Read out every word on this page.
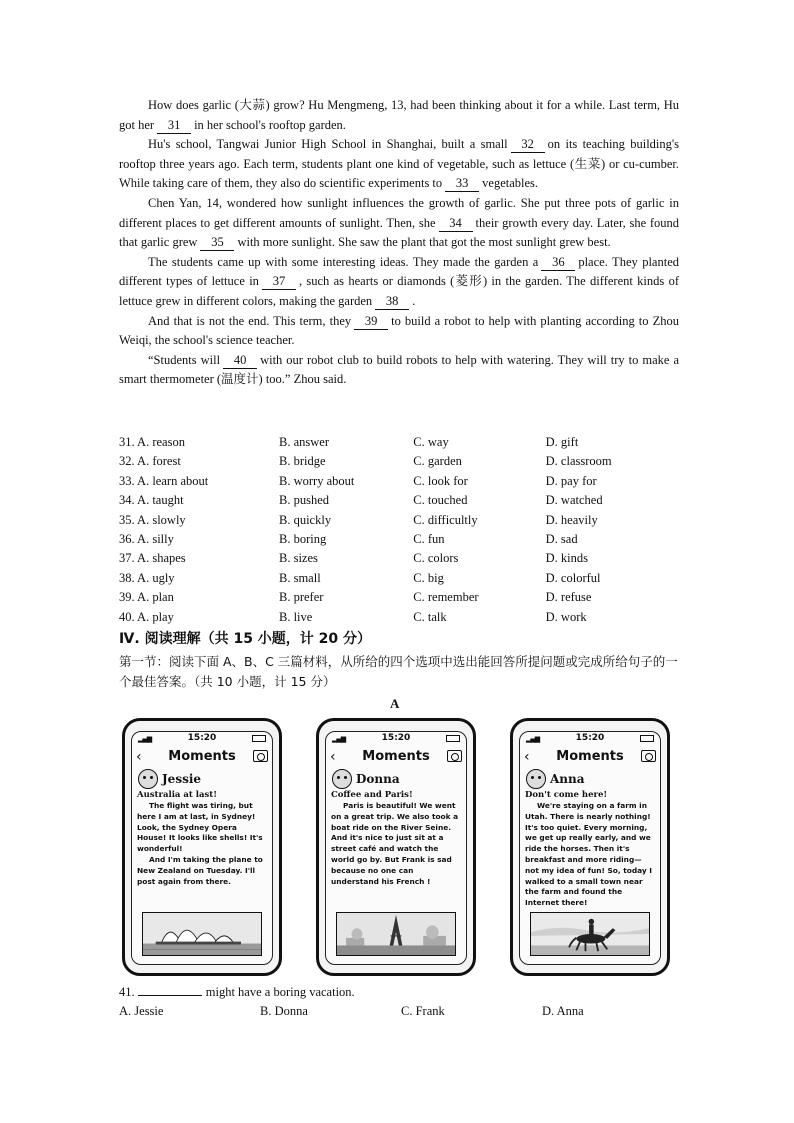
How does garlic (大蒜) grow? Hu Mengmeng, 13, had been thinking about it for a while. Last term, Hu got her 31 in her school's rooftop garden.

Hu's school, Tangwai Junior High School in Shanghai, built a small 32 on its teaching building's rooftop three years ago. Each term, students plant one kind of vegetable, such as lettuce (生菜) or cu-cumber. While taking care of them, they also do scientific experiments to 33 vegetables.

Chen Yan, 14, wondered how sunlight influences the growth of garlic. She put three pots of garlic in different places to get different amounts of sunlight. Then, she 34 their growth every day. Later, she found that garlic grew 35 with more sunlight. She saw the plant that got the most sunlight grew best.

The students came up with some interesting ideas. They made the garden a 36 place. They planted different types of lettuce in 37 , such as hearts or diamonds (菱形) in the garden. The different kinds of lettuce grew in different colors, making the garden 38 .

And that is not the end. This term, they 39 to build a robot to help with planting according to Zhou Weiqi, the school's science teacher.

“Students will 40 with our robot club to build robots to help with watering. They will try to make a smart thermometer (温度计) too.” Zhou said.

31. A. reason	B. answer	C. way	D. gift
32. A. forest	B. bridge	C. garden	D. classroom
33. A. learn about	B. worry about	C. look for	D. pay for
34. A. taught	B. pushed	C. touched	D. watched
35. A. slowly	B. quickly	C. difficultly	D. heavily
36. A. silly	B. boring	C. fun	D. sad
37. A. shapes	B. sizes	C. colors	D. kinds
38. A. ugly	B. small	C. big	D. colorful
39. A. plan	B. prefer	C. remember	D. refuse
40. A. play	B. live	C. talk	D. work
Ⅳ. 阅读理解（共 15 小题，计 20 分）
第一节：阅读下面 A、B、C 三篇材料，从所给的四个选项中选出能回答所提问题或完成所给句子的一个最佳答案。（共 10 小题，计 15 分）
A
▂▄▆	15:20
‹ Moments
Jessie
Australia at last!
The flight was tiring, but here I am at last, in Sydney! Look, the Sydney Opera House! It looks like shells! It's wonderful!
And I'm taking the plane to New Zealand on Tuesday. I'll post again from there.
▂▄▆	15:20
‹ Moments
Donna
Coffee and Paris!
Paris is beautiful! We went on a great trip. We also took a boat ride on the River Seine. And it's nice to just sit at a street café and watch the world go by. But Frank is sad because no one can understand his French !
▂▄▆	15:20
‹ Moments
Anna
Don't come here!
We're staying on a farm in Utah. There is nearly nothing! It's too quiet. Every morning, we get up really early, and we ride the horses. Then it's breakfast and more riding—not my idea of fun! So, today I walked to a small town near the farm and found the Internet there!
41.	might have a boring vacation.
A. Jessie	B. Donna	C. Frank	D. Anna
